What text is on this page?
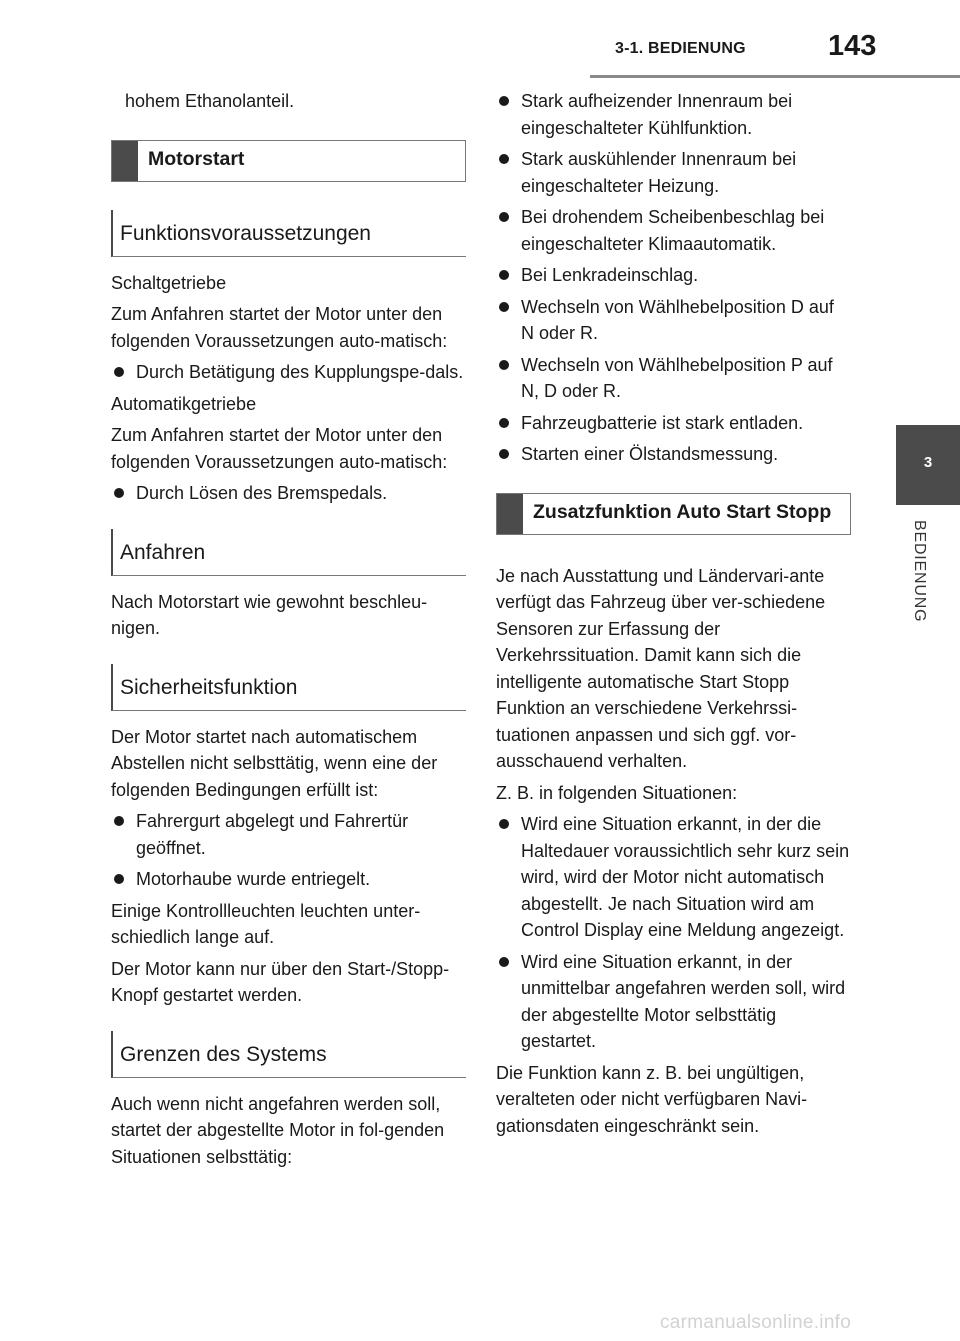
3-1. BEDIENUNG	143
3
BEDIENUNG
hohem Ethanolanteil.
Motorstart
Funktionsvoraussetzungen
Schaltgetriebe
Zum Anfahren startet der Motor unter den folgenden Voraussetzungen auto-matisch:
Durch Betätigung des Kupplungspe-dals.
Automatikgetriebe
Zum Anfahren startet der Motor unter den folgenden Voraussetzungen auto-matisch:
Durch Lösen des Bremspedals.
Anfahren
Nach Motorstart wie gewohnt beschleu-nigen.
Sicherheitsfunktion
Der Motor startet nach automatischem Abstellen nicht selbsttätig, wenn eine der folgenden Bedingungen erfüllt ist:
Fahrergurt abgelegt und Fahrertür geöffnet.
Motorhaube wurde entriegelt.
Einige Kontrollleuchten leuchten unter-schiedlich lange auf.
Der Motor kann nur über den Start-/Stopp-Knopf gestartet werden.
Grenzen des Systems
Auch wenn nicht angefahren werden soll, startet der abgestellte Motor in fol-genden Situationen selbsttätig:
Stark aufheizender Innenraum bei eingeschalteter Kühlfunktion.
Stark auskühlender Innenraum bei eingeschalteter Heizung.
Bei drohendem Scheibenbeschlag bei eingeschalteter Klimaautomatik.
Bei Lenkradeinschlag.
Wechseln von Wählhebelposition D auf N oder R.
Wechseln von Wählhebelposition P auf N, D oder R.
Fahrzeugbatterie ist stark entladen.
Starten einer Ölstandsmessung.
Zusatzfunktion Auto Start Stopp
Je nach Ausstattung und Ländervari-ante verfügt das Fahrzeug über ver-schiedene Sensoren zur Erfassung der Verkehrssituation. Damit kann sich die intelligente automatische Start Stopp Funktion an verschiedene Verkehrssi-tuationen anpassen und sich ggf. vor-ausschauend verhalten.
Z. B. in folgenden Situationen:
Wird eine Situation erkannt, in der die Haltedauer voraussichtlich sehr kurz sein wird, wird der Motor nicht automatisch abgestellt. Je nach Situation wird am Control Display eine Meldung angezeigt.
Wird eine Situation erkannt, in der unmittelbar angefahren werden soll, wird der abgestellte Motor selbsttätig gestartet.
Die Funktion kann z. B. bei ungültigen, veralteten oder nicht verfügbaren Navi-gationsdaten eingeschränkt sein.
carmanualsonline.info
